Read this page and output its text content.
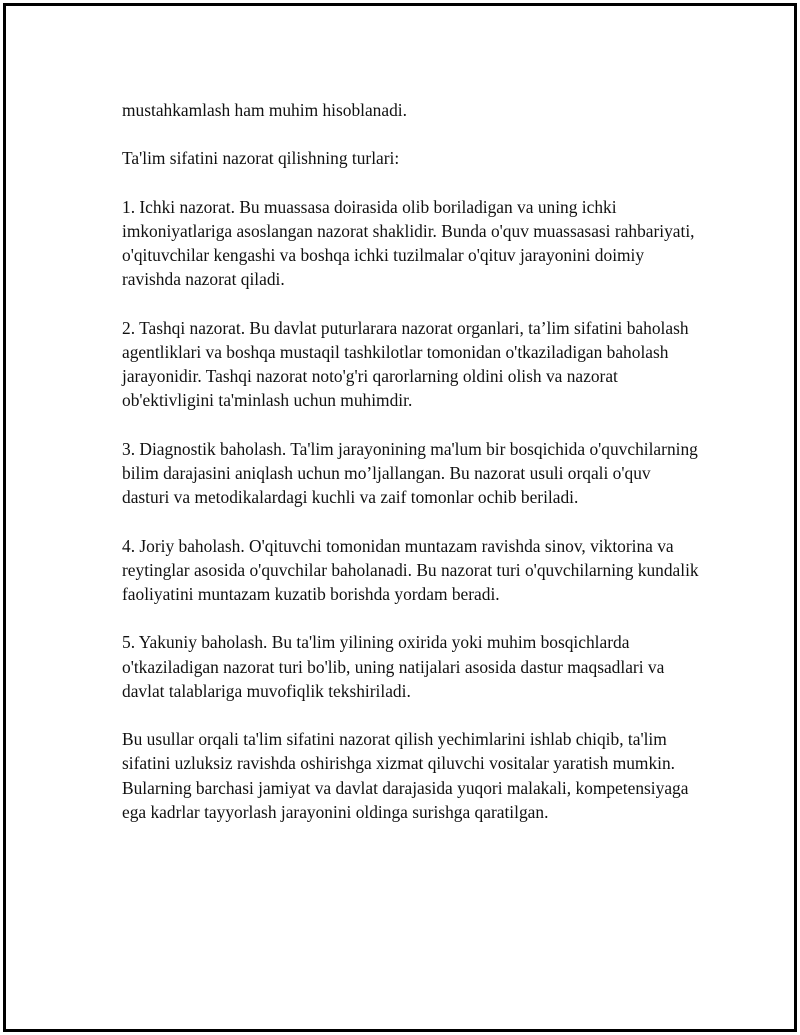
mustahkamlash ham muhim hisoblanadi.

Ta'lim sifatini nazorat qilishning turlari:

1. Ichki nazorat. Bu muassasa doirasida olib boriladigan va uning ichki imkoniyatlariga asoslangan nazorat shaklidir. Bunda o'quv muassasasi rahbariyati, o'qituvchilar kengashi va boshqa ichki tuzilmalar o'qituv jarayonini doimiy ravishda nazorat qiladi.

2. Tashqi nazorat. Bu davlat puturlarara nazorat organlari, ta’lim sifatini baholash agentliklari va boshqa mustaqil tashkilotlar tomonidan o'tkaziladigan baholash jarayonidir. Tashqi nazorat noto'g'ri qarorlarning oldini olish va nazorat ob'ektivligini ta'minlash uchun muhimdir.

3. Diagnostik baholash. Ta'lim jarayonining ma'lum bir bosqichida o'quvchilarning bilim darajasini aniqlash uchun mo’ljallangan. Bu nazorat usuli orqali o'quv dasturi va metodikalardagi kuchli va zaif tomonlar ochib beriladi.

4. Joriy baholash. O'qituvchi tomonidan muntazam ravishda sinov, viktorina va reytinglar asosida o'quvchilar baholanadi. Bu nazorat turi o'quvchilarning kundalik faoliyatini muntazam kuzatib borishda yordam beradi.

5. Yakuniy baholash. Bu ta'lim yilining oxirida yoki muhim bosqichlarda o'tkaziladigan nazorat turi bo'lib, uning natijalari asosida dastur maqsadlari va davlat talablariga muvofiqlik tekshiriladi.

Bu usullar orqali ta'lim sifatini nazorat qilish yechimlarini ishlab chiqib, ta'lim sifatini uzluksiz ravishda oshirishga xizmat qiluvchi vositalar yaratish mumkin. Bularning barchasi jamiyat va davlat darajasida yuqori malakali, kompetensiyaga ega kadrlar tayyorlash jarayonini oldinga surishga qaratilgan.
